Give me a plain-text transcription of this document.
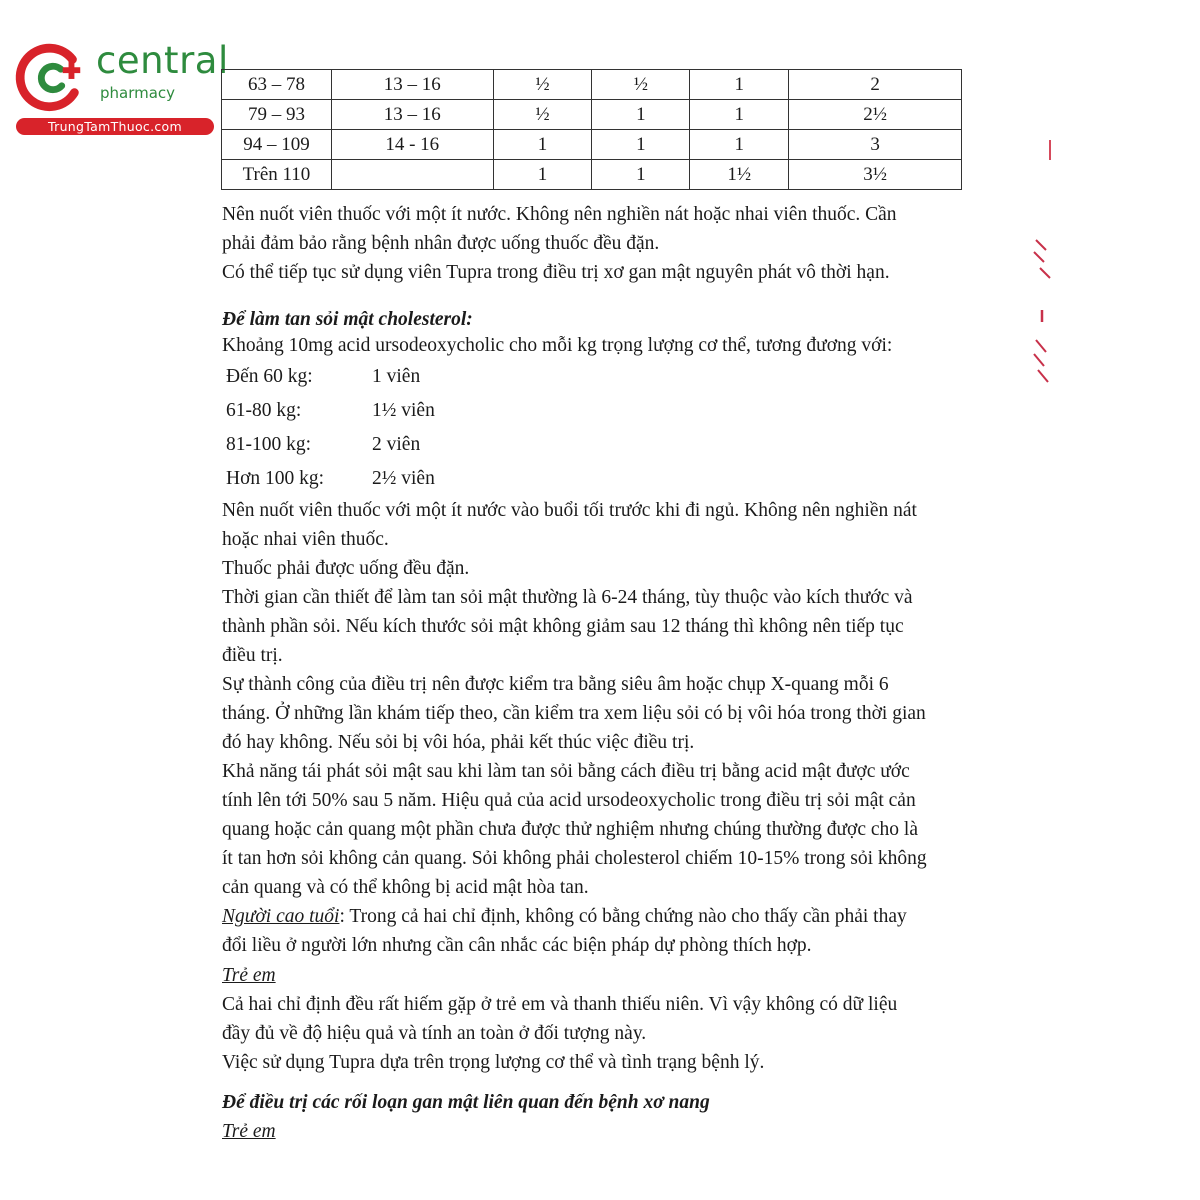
central
pharmacy
TrungTamThuoc.com
63 – 78	13 – 16	½	½	1	2
79 – 93	13 – 16	½	1	1	2½
94 – 109	14 - 16	1	1	1	3
Trên 110		1	1	1½	3½
Nên nuốt viên thuốc với một ít nước. Không nên nghiền nát hoặc nhai viên thuốc. Cần
phải đảm bảo rằng bệnh nhân được uống thuốc đều đặn.
Có thể tiếp tục sử dụng viên Tupra trong điều trị xơ gan mật nguyên phát vô thời hạn.
Để làm tan sỏi mật cholesterol:
Khoảng 10mg acid ursodeoxycholic cho mỗi kg trọng lượng cơ thể, tương đương với:
Đến 60 kg:	1 viên
61-80 kg:	1½ viên
81-100 kg:	2 viên
Hơn 100 kg: 2½ viên
Nên nuốt viên thuốc với một ít nước vào buổi tối trước khi đi ngủ. Không nên nghiền nát
hoặc nhai viên thuốc.
Thuốc phải được uống đều đặn.
Thời gian cần thiết để làm tan sỏi mật thường là 6-24 tháng, tùy thuộc vào kích thước và
thành phần sỏi. Nếu kích thước sỏi mật không giảm sau 12 tháng thì không nên tiếp tục
điều trị.
Sự thành công của điều trị nên được kiểm tra bằng siêu âm hoặc chụp X-quang mỗi 6
tháng. Ở những lần khám tiếp theo, cần kiểm tra xem liệu sỏi có bị vôi hóa trong thời gian
đó hay không. Nếu sỏi bị vôi hóa, phải kết thúc việc điều trị.
Khả năng tái phát sỏi mật sau khi làm tan sỏi bằng cách điều trị bằng acid mật được ước
tính lên tới 50% sau 5 năm. Hiệu quả của acid ursodeoxycholic trong điều trị sỏi mật cản
quang hoặc cản quang một phần chưa được thử nghiệm nhưng chúng thường được cho là
ít tan hơn sỏi không cản quang. Sỏi không phải cholesterol chiếm 10-15% trong sỏi không
cản quang và có thể không bị acid mật hòa tan.
Người cao tuổi: Trong cả hai chỉ định, không có bằng chứng nào cho thấy cần phải thay
đổi liều ở người lớn nhưng cần cân nhắc các biện pháp dự phòng thích hợp.
Trẻ em
Cả hai chỉ định đều rất hiếm gặp ở trẻ em và thanh thiếu niên. Vì vậy không có dữ liệu
đầy đủ về độ hiệu quả và tính an toàn ở đối tượng này.
Việc sử dụng Tupra dựa trên trọng lượng cơ thể và tình trạng bệnh lý.
Để điều trị các rối loạn gan mật liên quan đến bệnh xơ nang
Trẻ em
